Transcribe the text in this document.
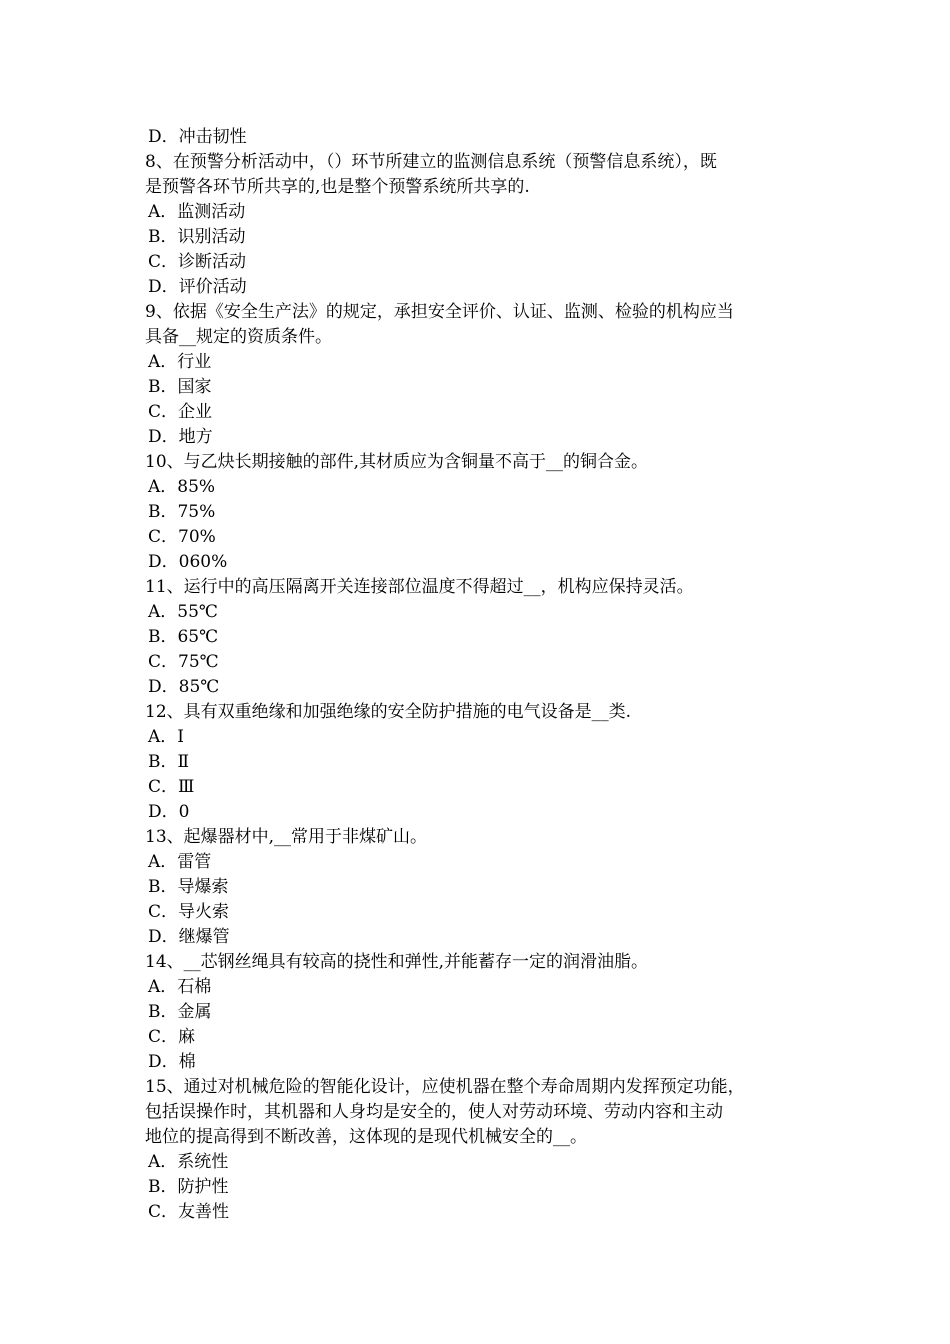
D．冲击韧性
8、在预警分析活动中，（）环节所建立的监测信息系统（预警信息系统），既
是预警各环节所共享的,也是整个预警系统所共享的.
A．监测活动
B．识别活动
C．诊断活动
D．评价活动
9、依据《安全生产法》的规定，承担安全评价、认证、监测、检验的机构应当
具备__规定的资质条件。
A．行业
B．国家
C．企业
D．地方
10、与乙炔长期接触的部件,其材质应为含铜量不高于__的铜合金。
A．85%
B．75%
C．70%
D．060%
11、运行中的高压隔离开关连接部位温度不得超过__，机构应保持灵活。
A．55℃
B．65℃
C．75℃
D．85℃
12、具有双重绝缘和加强绝缘的安全防护措施的电气设备是__类.
A．Ⅰ
B．Ⅱ
C．Ⅲ
D．0
13、起爆器材中,__常用于非煤矿山。
A．雷管
B．导爆索
C．导火索
D．继爆管
14、__芯钢丝绳具有较高的挠性和弹性,并能蓄存一定的润滑油脂。
A．石棉
B．金属
C．麻
D．棉
15、通过对机械危险的智能化设计，应使机器在整个寿命周期内发挥预定功能，
包括误操作时，其机器和人身均是安全的，使人对劳动环境、劳动内容和主动
地位的提高得到不断改善，这体现的是现代机械安全的__。
A．系统性
B．防护性
C．友善性
